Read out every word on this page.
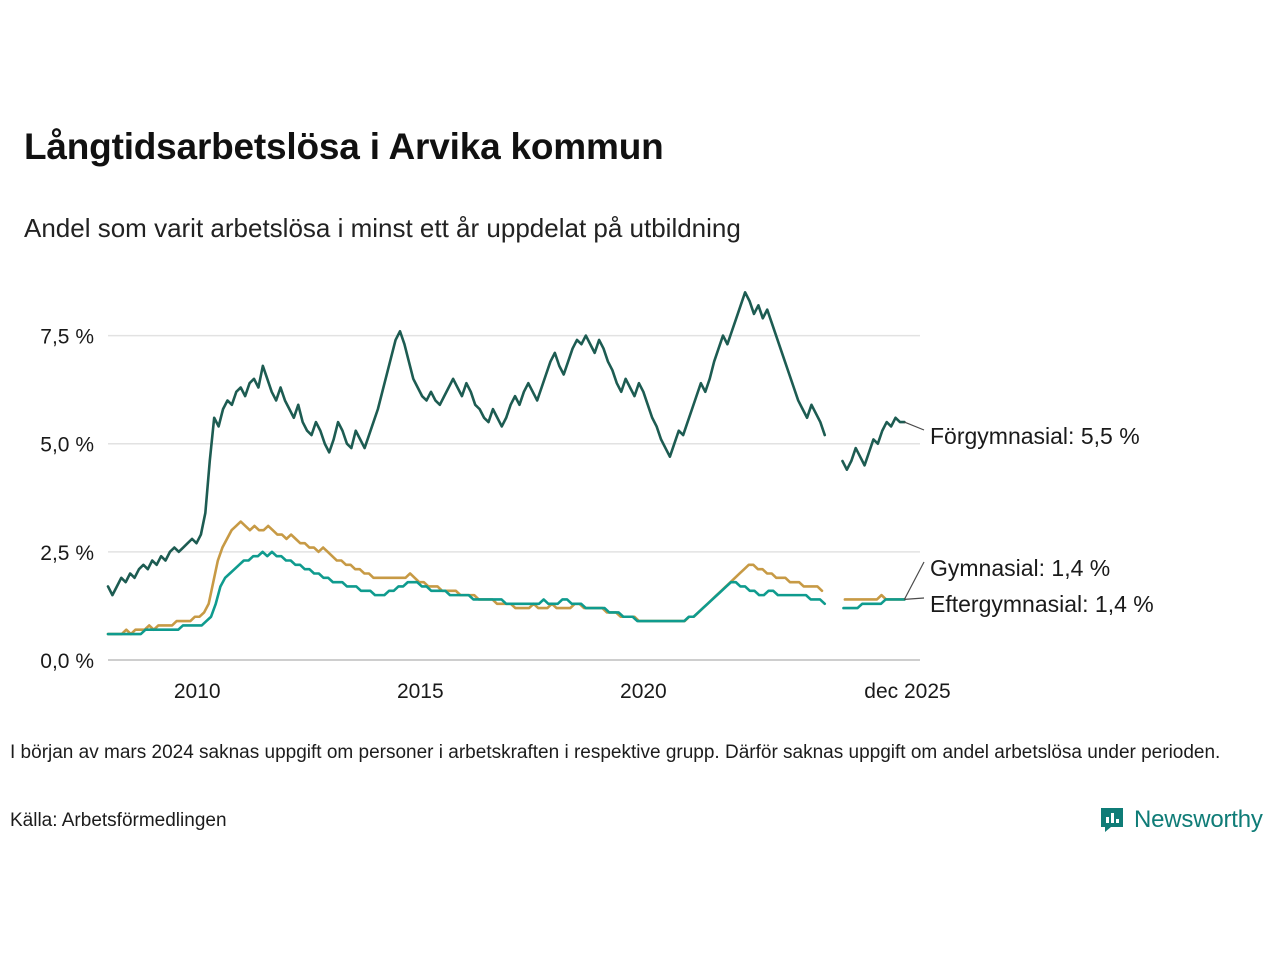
Långtidsarbetslösa i Arvika kommun
Andel som varit arbetslösa i minst ett år uppdelat på utbildning
0,0 %
2,5 %
5,0 %
7,5 %
2010	2015	2020	dec 2025
Förgymnasial: 5,5 %
Gymnasial: 1,4 %
Eftergymnasial: 1,4 %
I början av mars 2024 saknas uppgift om personer i arbetskraften i respektive grupp. Därför saknas uppgift om andel arbetslösa under perioden.
Källa: Arbetsförmedlingen	Newsworthy
